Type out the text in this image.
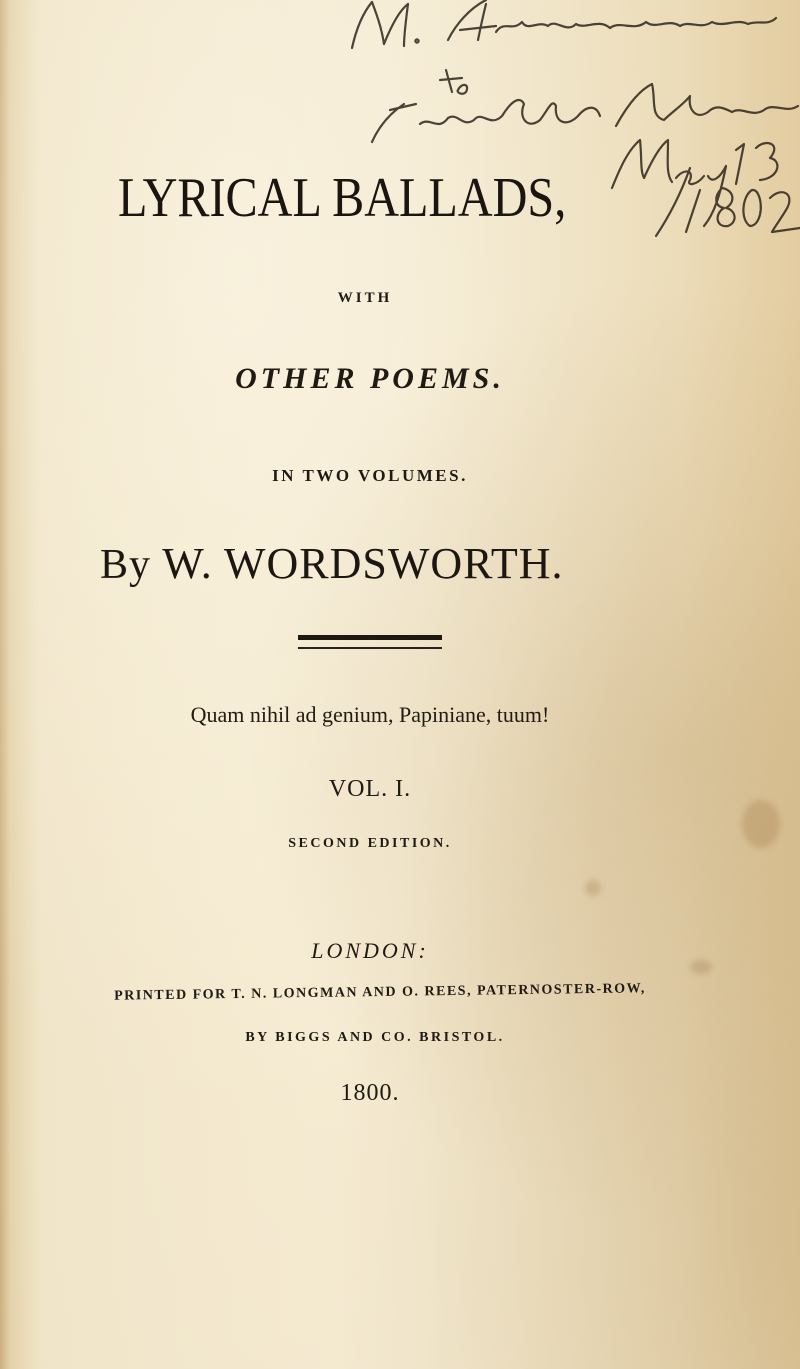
LYRICAL BALLADS,
WITH
OTHER POEMS.
IN TWO VOLUMES.
By W. WORDSWORTH.
Quam nihil ad genium, Papiniane, tuum!
VOL. I.
SECOND EDITION.
LONDON:
PRINTED FOR T. N. LONGMAN AND O. REES, PATERNOSTER-ROW,
BY BIGGS AND CO. BRISTOL.
1800.
